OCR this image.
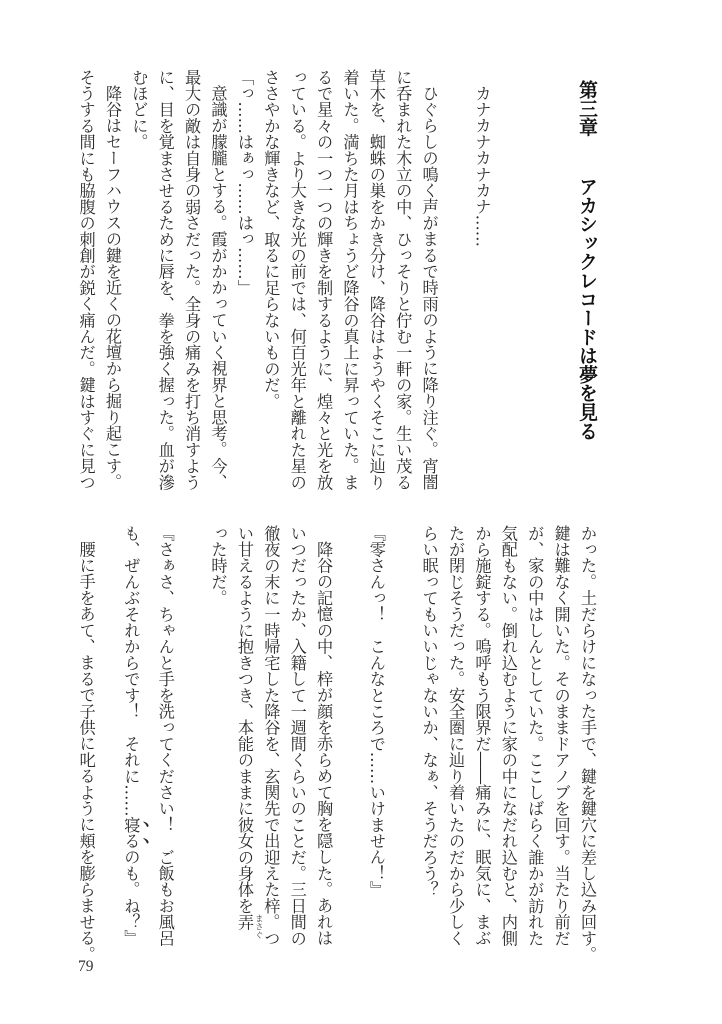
第三章アカシックレコードは夢を見る
カナカナカナカナ……
ひぐらしの鳴く声がまるで時雨のように降り注ぐ。宵闇
に呑まれた木立の中、ひっそりと佇む一軒の家。生い茂る
草木を、蜘蛛の巣をかき分け、降谷はようやくそこに辿り
着いた。満ちた月はちょうど降谷の真上に昇っていた。ま
るで星々の一つ一つの輝きを制するように、煌々と光を放
っている。より大きな光の前では、何百光年と離れた星の
ささやかな輝きなど、取るに足らないものだ。
「っ……はぁっ……はっ……」
意識が朦朧とする。霞がかかっていく視界と思考。今、
最大の敵は自身の弱さだった。全身の痛みを打ち消すよう
に、目を覚まさせるために唇を、拳を強く握った。血が滲
むほどに。
降谷はセーフハウスの鍵を近くの花壇から掘り起こす。
そうする間にも脇腹の刺創が鋭く痛んだ。鍵はすぐに見つ
かった。土だらけになった手で、鍵を鍵穴に差し込み回す。
鍵は難なく開いた。そのままドアノブを回す。当たり前だ
が、家の中はしんとしていた。ここしばらく誰かが訪れた
気配もない。倒れ込むように家の中になだれ込むと、内側
から施錠する。嗚呼もう限界だ――痛みに、眠気に、まぶ
たが閉じそうだった。安全圏に辿り着いたのだから少しく
らい眠ってもいいじゃないか、なぁ、そうだろう？
『零さんっ！　こんなところで……いけません！』
降谷の記憶の中、梓が顔を赤らめて胸を隠した。あれは
いつだったか、入籍して一週間くらいのことだ。三日間の
徹夜の末に一時帰宅した降谷を、玄関先で出迎えた梓。つ
い甘えるように抱きつき、本能のままに彼女の身体を弄 まさぐ
った時だ。
『さぁさ、ちゃんと手を洗ってください！　ご飯もお風呂
も、ぜんぶそれからです！　それに……寝るのも。ね？』
腰に手をあて、まるで子供に叱るように頬を膨らませる。
79
